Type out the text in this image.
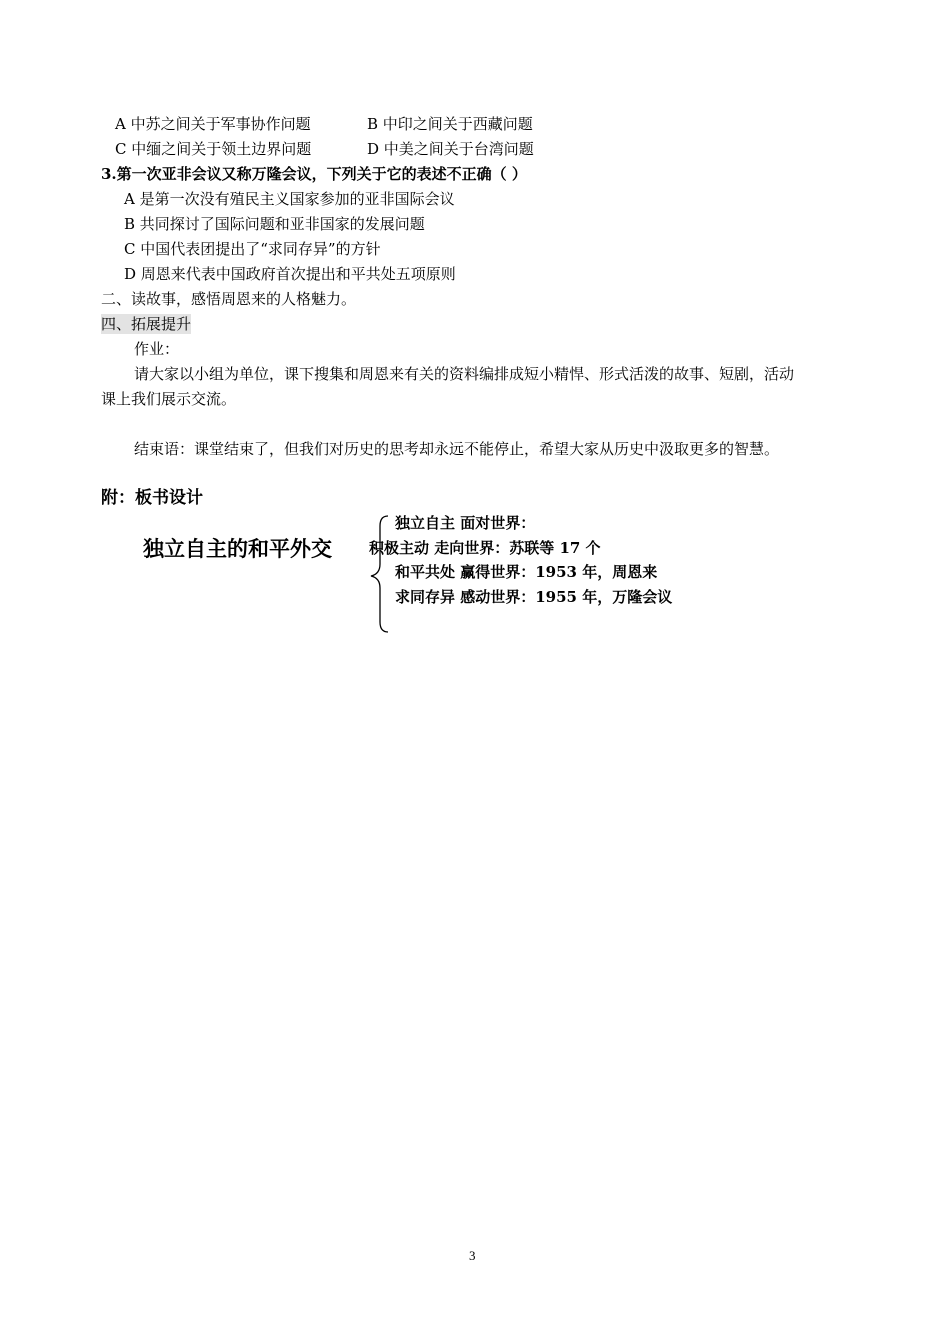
A 中苏之间关于军事协作问题	B 中印之间关于西藏问题
C 中缅之间关于领土边界问题	D 中美之间关于台湾问题
3.第一次亚非会议又称万隆会议，下列关于它的表述不正确（ ）
A 是第一次没有殖民主义国家参加的亚非国际会议
B 共同探讨了国际问题和亚非国家的发展问题
C 中国代表团提出了“求同存异”的方针
D 周恩来代表中国政府首次提出和平共处五项原则
二、读故事，感悟周恩来的人格魅力。
四、拓展提升
作业：
请大家以小组为单位，课下搜集和周恩来有关的资料编排成短小精悍、形式活泼的故事、短剧，活动
课上我们展示交流。
结束语：课堂结束了，但我们对历史的思考却永远不能停止，希望大家从历史中汲取更多的智慧。
附：板书设计
独立自主的和平外交
独立自主 面对世界：
积极主动 走向世界：苏联等 17 个
和平共处 赢得世界：1953 年，周恩来
求同存异 感动世界：1955 年，万隆会议
3
